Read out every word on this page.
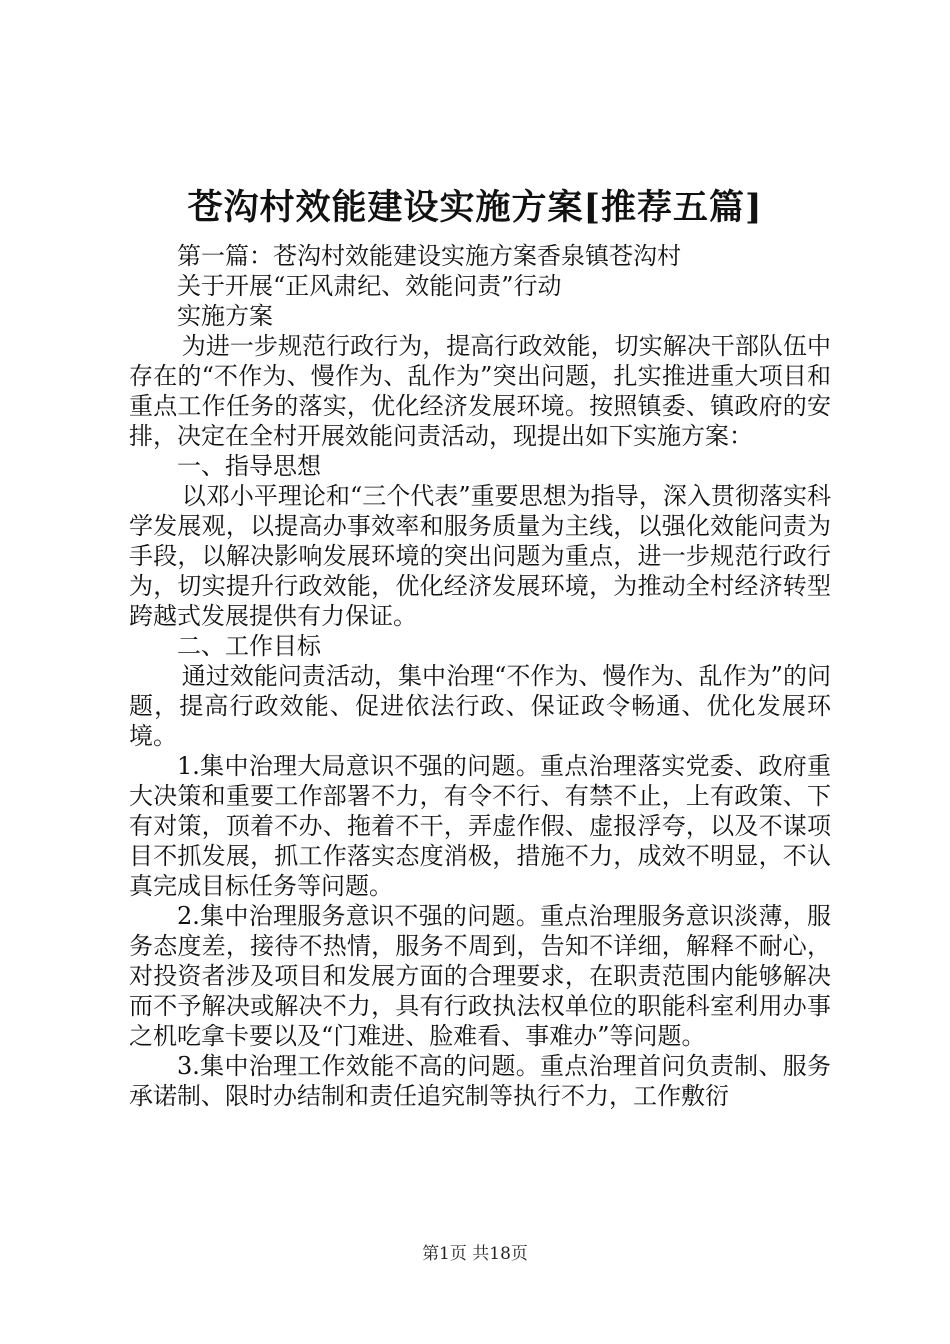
苍沟村效能建设实施方案[推荐五篇]

第一篇：苍沟村效能建设实施方案香泉镇苍沟村

关于开展“正风肃纪、效能问责”行动

实施方案

为进一步规范行政行为，提高行政效能，切实解决干部队伍中存在的“不作为、慢作为、乱作为”突出问题，扎实推进重大项目和重点工作任务的落实，优化经济发展环境。按照镇委、镇政府的安排，决定在全村开展效能问责活动，现提出如下实施方案：

一、指导思想

以邓小平理论和“三个代表”重要思想为指导，深入贯彻落实科学发展观，以提高办事效率和服务质量为主线，以强化效能问责为手段，以解决影响发展环境的突出问题为重点，进一步规范行政行为，切实提升行政效能，优化经济发展环境，为推动全村经济转型跨越式发展提供有力保证。

二、工作目标

通过效能问责活动，集中治理“不作为、慢作为、乱作为”的问题，提高行政效能、促进依法行政、保证政令畅通、优化发展环境。

1.集中治理大局意识不强的问题。重点治理落实党委、政府重大决策和重要工作部署不力，有令不行、有禁不止，上有政策、下有对策，顶着不办、拖着不干，弄虚作假、虚报浮夸，以及不谋项目不抓发展，抓工作落实态度消极，措施不力，成效不明显，不认真完成目标任务等问题。

2.集中治理服务意识不强的问题。重点治理服务意识淡薄，服务态度差，接待不热情，服务不周到，告知不详细，解释不耐心，对投资者涉及项目和发展方面的合理要求，在职责范围内能够解决而不予解决或解决不力，具有行政执法权单位的职能科室利用办事之机吃拿卡要以及“门难进、脸难看、事难办”等问题。

3.集中治理工作效能不高的问题。重点治理首问负责制、服务承诺制、限时办结制和责任追究制等执行不力，工作敷衍

第1页 共18页
